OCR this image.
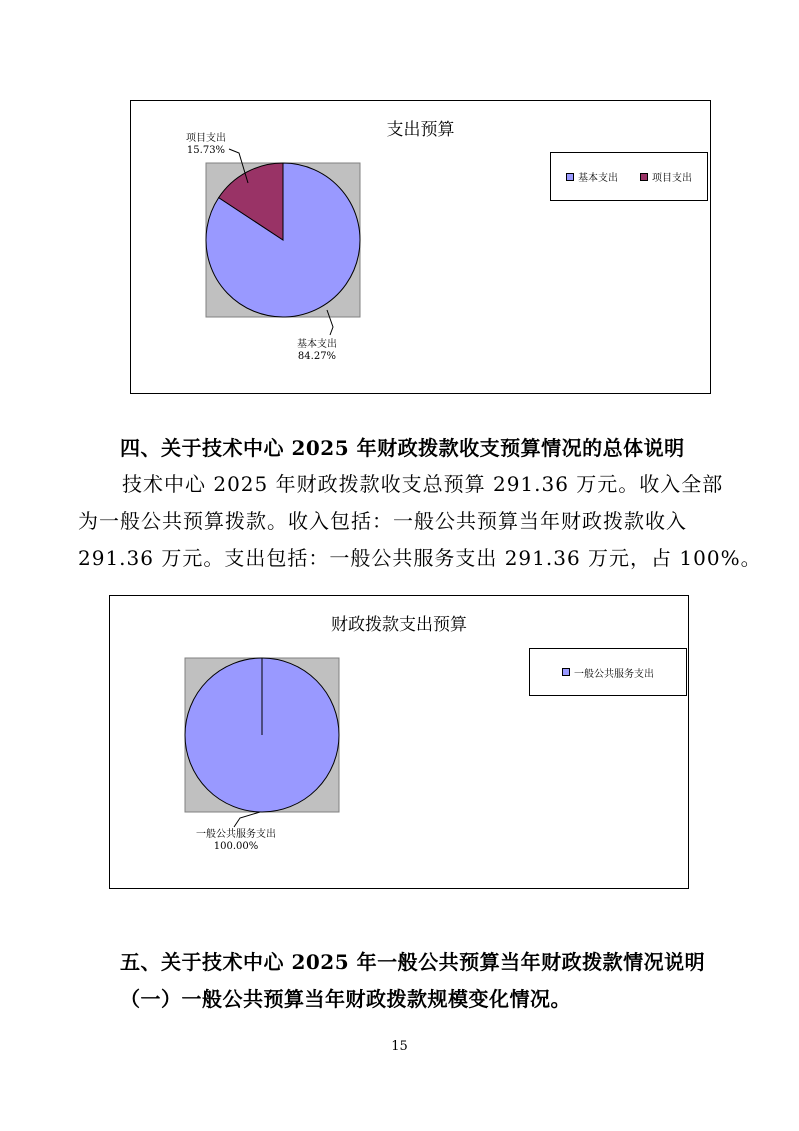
支出预算
项目支出
15.73%
基本支出
84.27%
基本支出	项目支出
四、关于技术中心 2025 年财政拨款收支预算情况的总体说明
技术中心 2025 年财政拨款收支总预算 291.36 万元。收入全部
为一般公共预算拨款。收入包括：一般公共预算当年财政拨款收入
291.36 万元。支出包括：一般公共服务支出 291.36 万元，占 100%。
财政拨款支出预算
一般公共服务支出
100.00%
一般公共服务支出
五、关于技术中心 2025 年一般公共预算当年财政拨款情况说明
（一）一般公共预算当年财政拨款规模变化情况。
15
